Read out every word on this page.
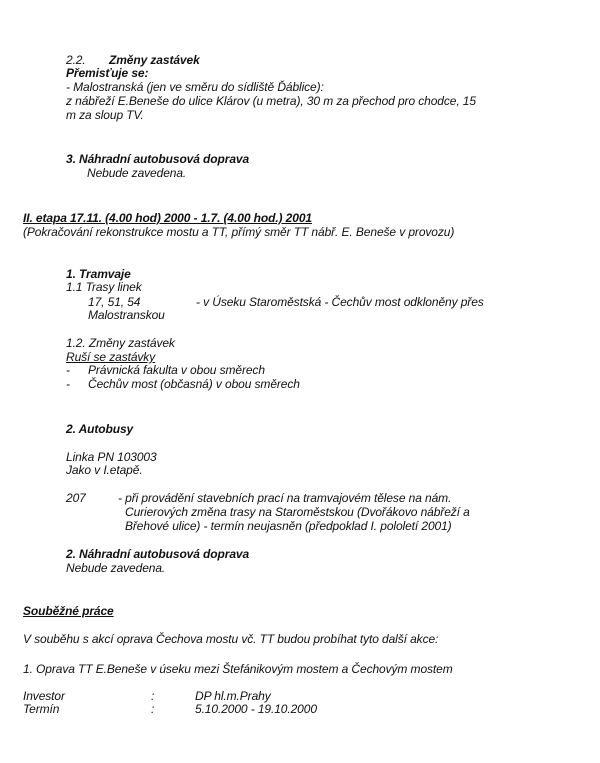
2.2. Změny zastávek
Přemisťuje se:
- Malostranská (jen ve směru do sídliště Ďáblice):
z nábřeží E.Beneše do ulice Klárov (u metra), 30 m za přechod pro chodce, 15
m za sloup TV.
3. Náhradní autobusová doprava
Nebude zavedena.
II. etapa 17.11. (4.00 hod) 2000 - 1.7. (4.00 hod.) 2001
(Pokračování rekonstrukce mostu a TT, přímý směr TT nábř. E. Beneše v provozu)
1. Tramvaje
1.1 Trasy linek
17, 51, 54	- v Úseku Staroměstská - Čechův most odkloněny přes
Malostranskou
1.2. Změny zastávek
Ruší se zastávky
- Právnická fakulta v obou směrech
- Čechův most (občasná) v obou směrech
2. Autobusy
Linka PN 103003
Jako v I.etapě.
207	- při provádění stavebních prací na tramvajovém tělese na nám.
Curierových změna trasy na Staroměstskou (Dvořákovo nábřeží a
Břehové ulice) - termín neujasněn (předpoklad I. pololetí 2001)
2. Náhradní autobusová doprava
Nebude zavedena.
Souběžné práce
V souběhu s akcí oprava Čechova mostu vč. TT budou probíhat tyto další akce:
1. Oprava TT E.Beneše v úseku mezi Štefánikovým mostem a Čechovým mostem
Investor	:	DP hl.m.Prahy
Termín	:	5.10.2000 - 19.10.2000
